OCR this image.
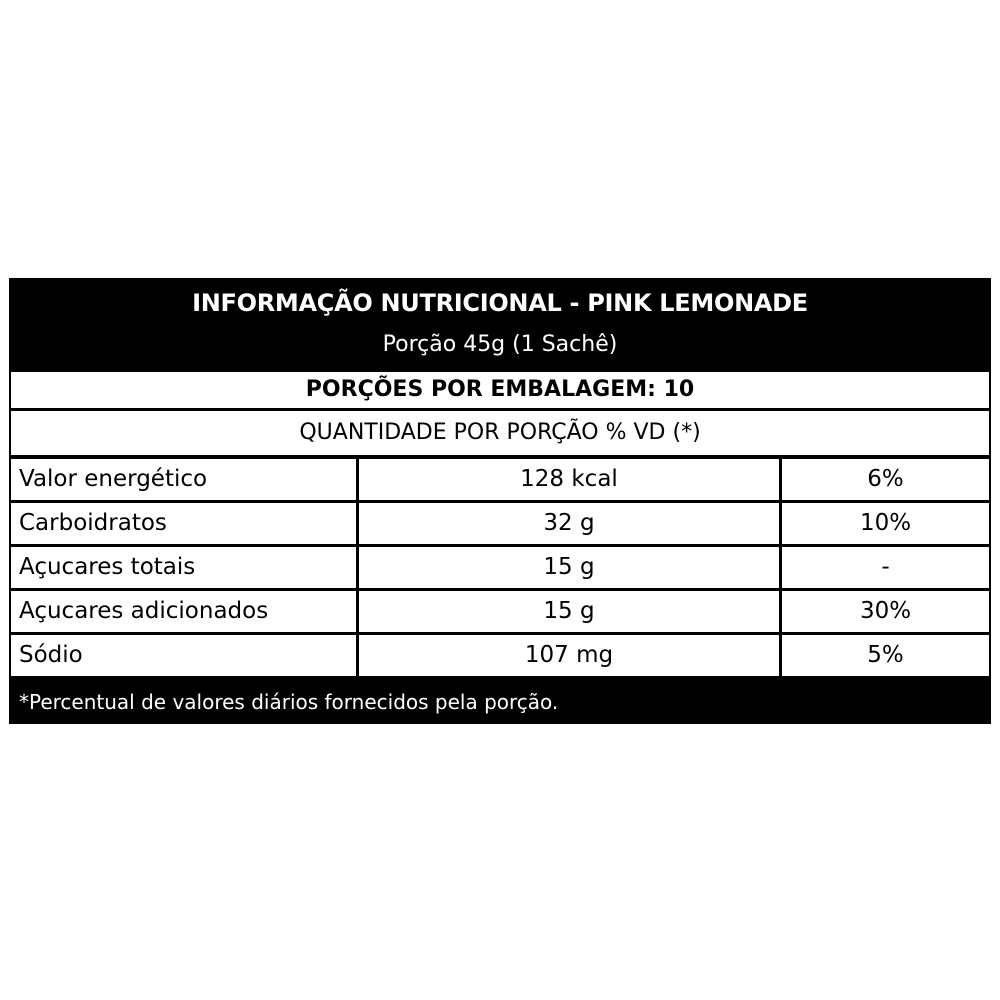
INFORMAÇÃO NUTRICIONAL - PINK LEMONADE
Porção 45g (1 Sachê)
PORÇÕES POR EMBALAGEM: 10
QUANTIDADE POR PORÇÃO % VD (*)
Valor energético	128 kcal	6%
Carboidratos	32 g	10%
Açucares totais	15 g	-
Açucares adicionados	15 g	30%
Sódio	107 mg	5%
*Percentual de valores diários fornecidos pela porção.
